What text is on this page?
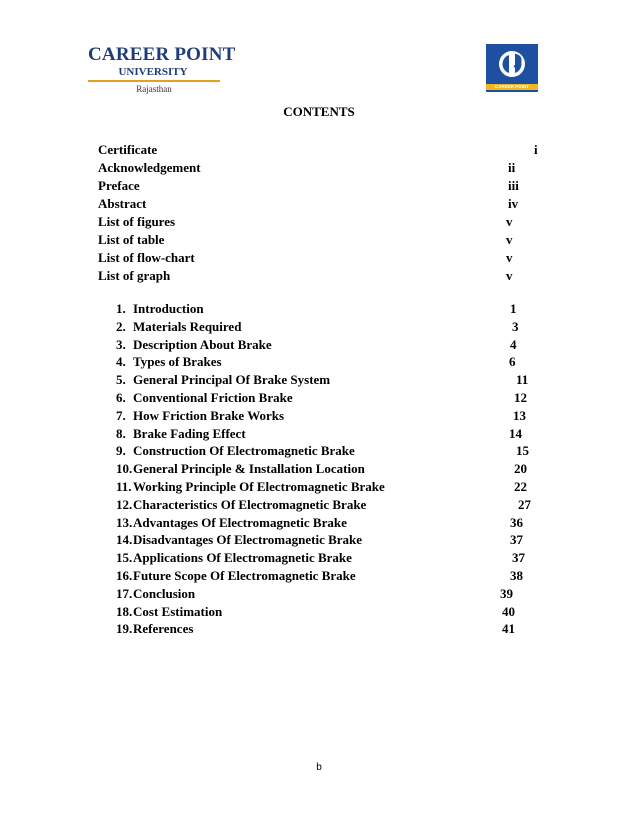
CAREER POINT
UNIVERSITY
Rajasthan	CAREER POINT
CONTENTS
Certificate	i
Acknowledgement	ii
Preface	iii
Abstract	iv
List of figures	v
List of table	v
List of flow-chart	v
List of graph	v
1. Introduction	1
2. Materials Required	3
3. Description About Brake	4
4. Types of Brakes	6
5. General Principal Of Brake System	11
6. Conventional Friction Brake	12
7. How Friction Brake Works	13
8. Brake Fading Effect	14
9. Construction Of Electromagnetic Brake	15
10. General Principle & Installation Location	20
11. Working Principle Of Electromagnetic Brake	22
12. Characteristics Of Electromagnetic Brake	27
13. Advantages Of Electromagnetic Brake	36
14. Disadvantages Of Electromagnetic Brake	37
15. Applications Of Electromagnetic Brake	37
16. Future Scope Of Electromagnetic Brake	38
17. Conclusion	39
18. Cost Estimation	40
19. References	41
b
